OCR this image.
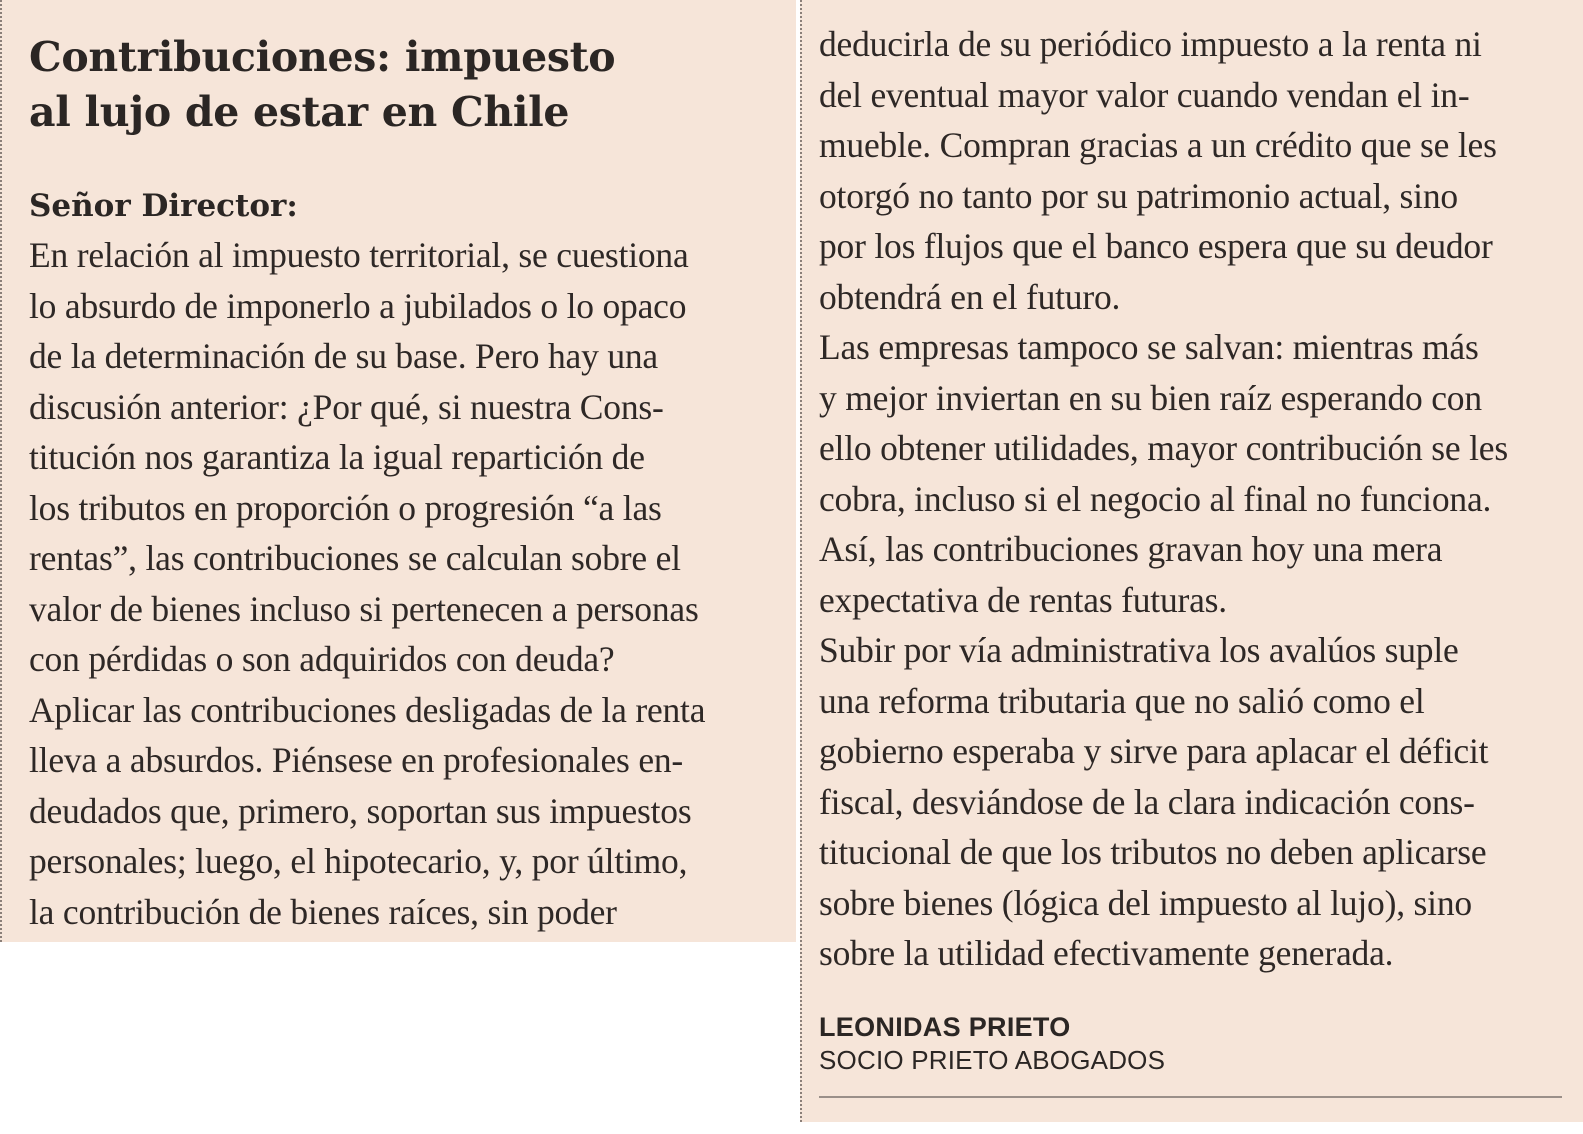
Contribuciones: impuesto
al lujo de estar en Chile
Señor Director:
En relación al impuesto territorial, se cuestiona
lo absurdo de imponerlo a jubilados o lo opaco
de la determinación de su base. Pero hay una
discusión anterior: ¿Por qué, si nuestra Cons-
titución nos garantiza la igual repartición de
los tributos en proporción o progresión “a las
rentas”, las contribuciones se calculan sobre el
valor de bienes incluso si pertenecen a personas
con pérdidas o son adquiridos con deuda?
Aplicar las contribuciones desligadas de la renta
lleva a absurdos. Piénsese en profesionales en-
deudados que, primero, soportan sus impuestos
personales; luego, el hipotecario, y, por último,
la contribución de bienes raíces, sin poder
deducirla de su periódico impuesto a la renta ni
del eventual mayor valor cuando vendan el in-
mueble. Compran gracias a un crédito que se les
otorgó no tanto por su patrimonio actual, sino
por los flujos que el banco espera que su deudor
obtendrá en el futuro.
Las empresas tampoco se salvan: mientras más
y mejor inviertan en su bien raíz esperando con
ello obtener utilidades, mayor contribución se les
cobra, incluso si el negocio al final no funciona.
Así, las contribuciones gravan hoy una mera
expectativa de rentas futuras.
Subir por vía administrativa los avalúos suple
una reforma tributaria que no salió como el
gobierno esperaba y sirve para aplacar el déficit
fiscal, desviándose de la clara indicación cons-
titucional de que los tributos no deben aplicarse
sobre bienes (lógica del impuesto al lujo), sino
sobre la utilidad efectivamente generada.
LEONIDAS PRIETO
SOCIO PRIETO ABOGADOS
